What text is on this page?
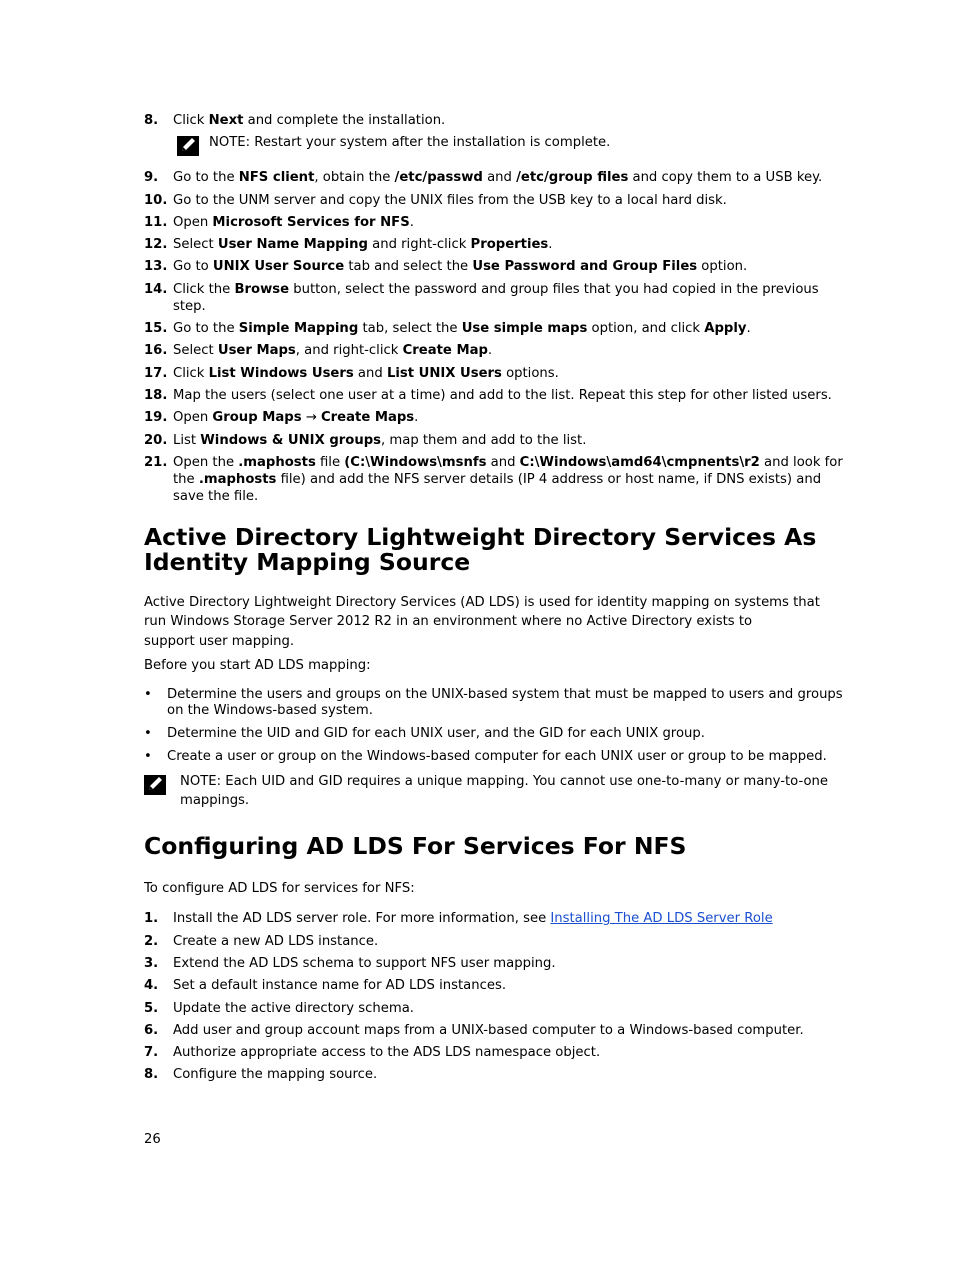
8.	Click Next and complete the installation.
NOTE: Restart your system after the installation is complete.
9.	Go to the NFS client, obtain the /etc/passwd and /etc/group files and copy them to a USB key.
10. Go to the UNM server and copy the UNIX files from the USB key to a local hard disk.
11. Open Microsoft Services for NFS.
12. Select User Name Mapping and right-click Properties.
13. Go to UNIX User Source tab and select the Use Password and Group Files option.
14. Click the Browse button, select the password and group files that you had copied in the previous step.
15. Go to the Simple Mapping tab, select the Use simple maps option, and click Apply.
16. Select User Maps, and right-click Create Map.
17. Click List Windows Users and List UNIX Users options.
18. Map the users (select one user at a time) and add to the list. Repeat this step for other listed users.
19. Open Group Maps → Create Maps.
20. List Windows & UNIX groups, map them and add to the list.
21. Open the .maphosts file (C:\Windows\msnfs and C:\Windows\amd64\cmpnents\r2 and look for the .maphosts file) and add the NFS server details (IP 4 address or host name, if DNS exists) and save the file.
Active Directory Lightweight Directory Services As Identity Mapping Source
Active Directory Lightweight Directory Services (AD LDS) is used for identity mapping on systems that run Windows Storage Server 2012 R2 in an environment where no Active Directory exists to
support user mapping.
Before you start AD LDS mapping:
•	Determine the users and groups on the UNIX-based system that must be mapped to users and groups on the Windows-based system.
•	Determine the UID and GID for each UNIX user, and the GID for each UNIX group.
•	Create a user or group on the Windows-based computer for each UNIX user or group to be mapped.
NOTE: Each UID and GID requires a unique mapping. You cannot use one-to-many or many-to-one mappings.
Configuring AD LDS For Services For NFS
To configure AD LDS for services for NFS:
1.	Install the AD LDS server role. For more information, see Installing The AD LDS Server Role
2.	Create a new AD LDS instance.
3.	Extend the AD LDS schema to support NFS user mapping.
4.	Set a default instance name for AD LDS instances.
5.	Update the active directory schema.
6.	Add user and group account maps from a UNIX-based computer to a Windows-based computer.
7.	Authorize appropriate access to the ADS LDS namespace object.
8.	Configure the mapping source.
26
